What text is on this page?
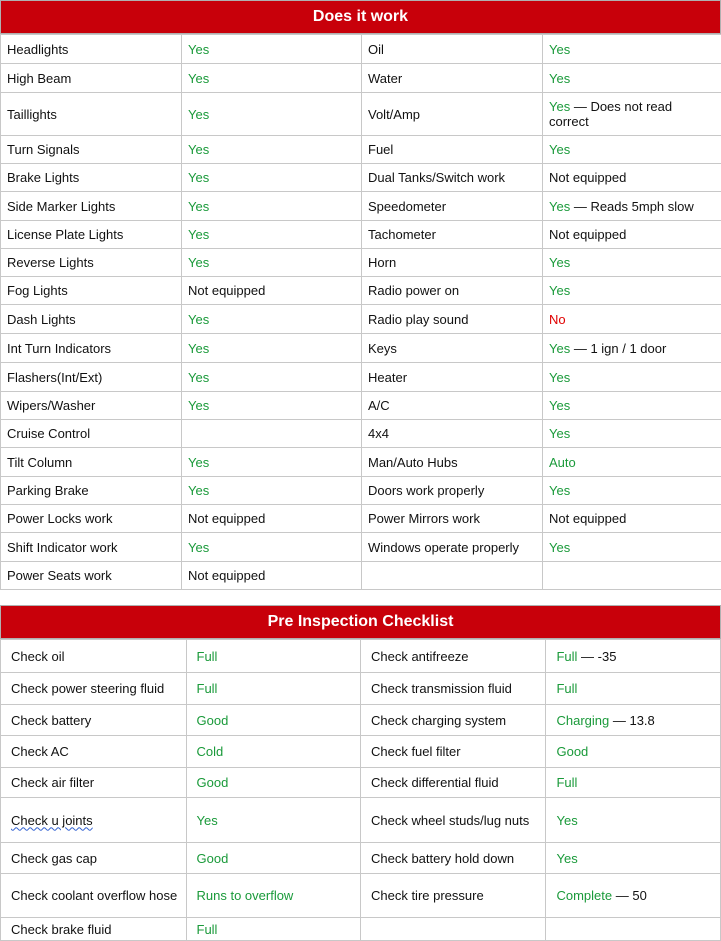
Does it work
Headlights	Yes	Oil	Yes
High Beam	Yes	Water	Yes
Taillights	Yes	Volt/Amp	Yes — Does not read correct
Turn Signals	Yes	Fuel	Yes
Brake Lights	Yes	Dual Tanks/Switch work	Not equipped
Side Marker Lights	Yes	Speedometer	Yes — Reads 5mph slow
License Plate Lights	Yes	Tachometer	Not equipped
Reverse Lights	Yes	Horn	Yes
Fog Lights	Not equipped	Radio power on	Yes
Dash Lights	Yes	Radio play sound	No
Int Turn Indicators	Yes	Keys	Yes — 1 ign / 1 door
Flashers(Int/Ext)	Yes	Heater	Yes
Wipers/Washer	Yes	A/C	Yes
Cruise Control		4x4	Yes
Tilt Column	Yes	Man/Auto Hubs	Auto
Parking Brake	Yes	Doors work properly	Yes
Power Locks work	Not equipped	Power Mirrors work	Not equipped
Shift Indicator work	Yes	Windows operate properly	Yes
Power Seats work	Not equipped		
Pre Inspection Checklist
Check oil	Full	Check antifreeze	Full — -35
Check power steering fluid	Full	Check transmission fluid	Full
Check battery	Good	Check charging system	Charging — 13.8
Check AC	Cold	Check fuel filter	Good
Check air filter	Good	Check differential fluid	Full
Check u joints	Yes	Check wheel studs/lug nuts	Yes
Check gas cap	Good	Check battery hold down	Yes
Check coolant overflow hose	Runs to overflow	Check tire pressure	Complete — 50
Check brake fluid	Full		
